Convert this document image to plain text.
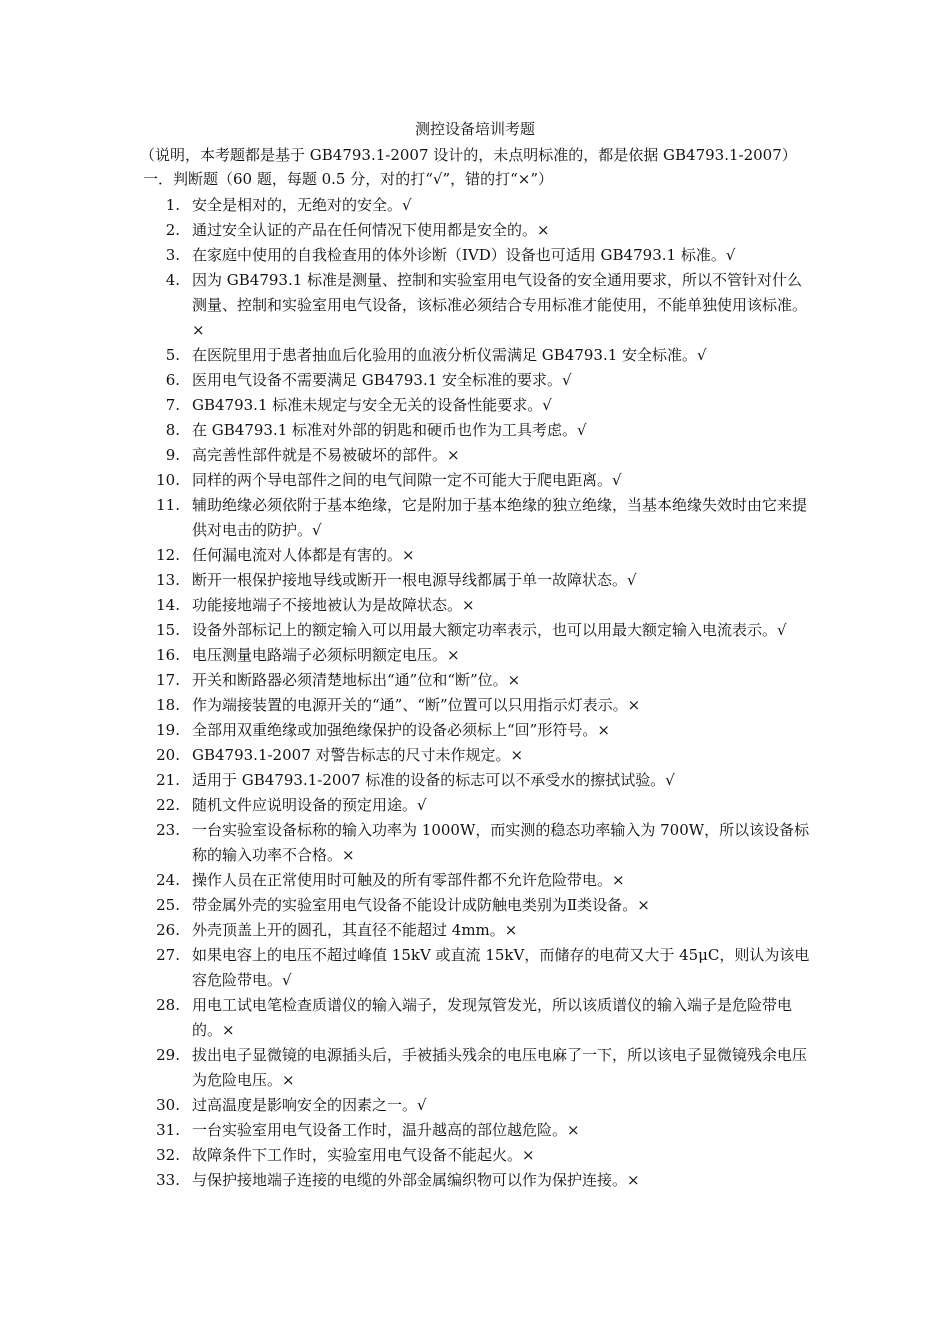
测控设备培训考题
（说明，本考题都是基于 GB4793.1-2007 设计的，未点明标准的，都是依据 GB4793.1-2007）
一．判断题（60 题，每题 0.5 分，对的打“√”，错的打“×”）
1. 安全是相对的，无绝对的安全。√
2. 通过安全认证的产品在任何情况下使用都是安全的。×
3. 在家庭中使用的自我检查用的体外诊断（IVD）设备也可适用 GB4793.1 标准。√
4. 因为 GB4793.1 标准是测量、控制和实验室用电气设备的安全通用要求，所以不管针对什么测量、控制和实验室用电气设备，该标准必须结合专用标准才能使用，不能单独使用该标准。×
5. 在医院里用于患者抽血后化验用的血液分析仪需满足 GB4793.1 安全标准。√
6. 医用电气设备不需要满足 GB4793.1 安全标准的要求。√
7. GB4793.1 标准未规定与安全无关的设备性能要求。√
8. 在 GB4793.1 标准对外部的钥匙和硬币也作为工具考虑。√
9. 高完善性部件就是不易被破坏的部件。×
10. 同样的两个导电部件之间的电气间隙一定不可能大于爬电距离。√
11. 辅助绝缘必须依附于基本绝缘，它是附加于基本绝缘的独立绝缘，当基本绝缘失效时由它来提供对电击的防护。√
12. 任何漏电流对人体都是有害的。×
13. 断开一根保护接地导线或断开一根电源导线都属于单一故障状态。√
14. 功能接地端子不接地被认为是故障状态。×
15. 设备外部标记上的额定输入可以用最大额定功率表示，也可以用最大额定输入电流表示。√
16. 电压测量电路端子必须标明额定电压。×
17. 开关和断路器必须清楚地标出“通”位和“断”位。×
18. 作为端接装置的电源开关的“通”、“断”位置可以只用指示灯表示。×
19. 全部用双重绝缘或加强绝缘保护的设备必须标上“回”形符号。×
20. GB4793.1-2007 对警告标志的尺寸未作规定。×
21. 适用于 GB4793.1-2007 标准的设备的标志可以不承受水的擦拭试验。√
22. 随机文件应说明设备的预定用途。√
23. 一台实验室设备标称的输入功率为 1000W，而实测的稳态功率输入为 700W，所以该设备标称的输入功率不合格。×
24. 操作人员在正常使用时可触及的所有零部件都不允许危险带电。×
25. 带金属外壳的实验室用电气设备不能设计成防触电类别为Ⅱ类设备。×
26. 外壳顶盖上开的圆孔，其直径不能超过 4mm。×
27. 如果电容上的电压不超过峰值 15kV 或直流 15kV，而储存的电荷又大于 45μC，则认为该电容危险带电。√
28. 用电工试电笔检查质谱仪的输入端子，发现氖管发光，所以该质谱仪的输入端子是危险带电的。×
29. 拔出电子显微镜的电源插头后，手被插头残余的电压电麻了一下，所以该电子显微镜残余电压为危险电压。×
30. 过高温度是影响安全的因素之一。√
31. 一台实验室用电气设备工作时，温升越高的部位越危险。×
32. 故障条件下工作时，实验室用电气设备不能起火。×
33. 与保护接地端子连接的电缆的外部金属编织物可以作为保护连接。×
